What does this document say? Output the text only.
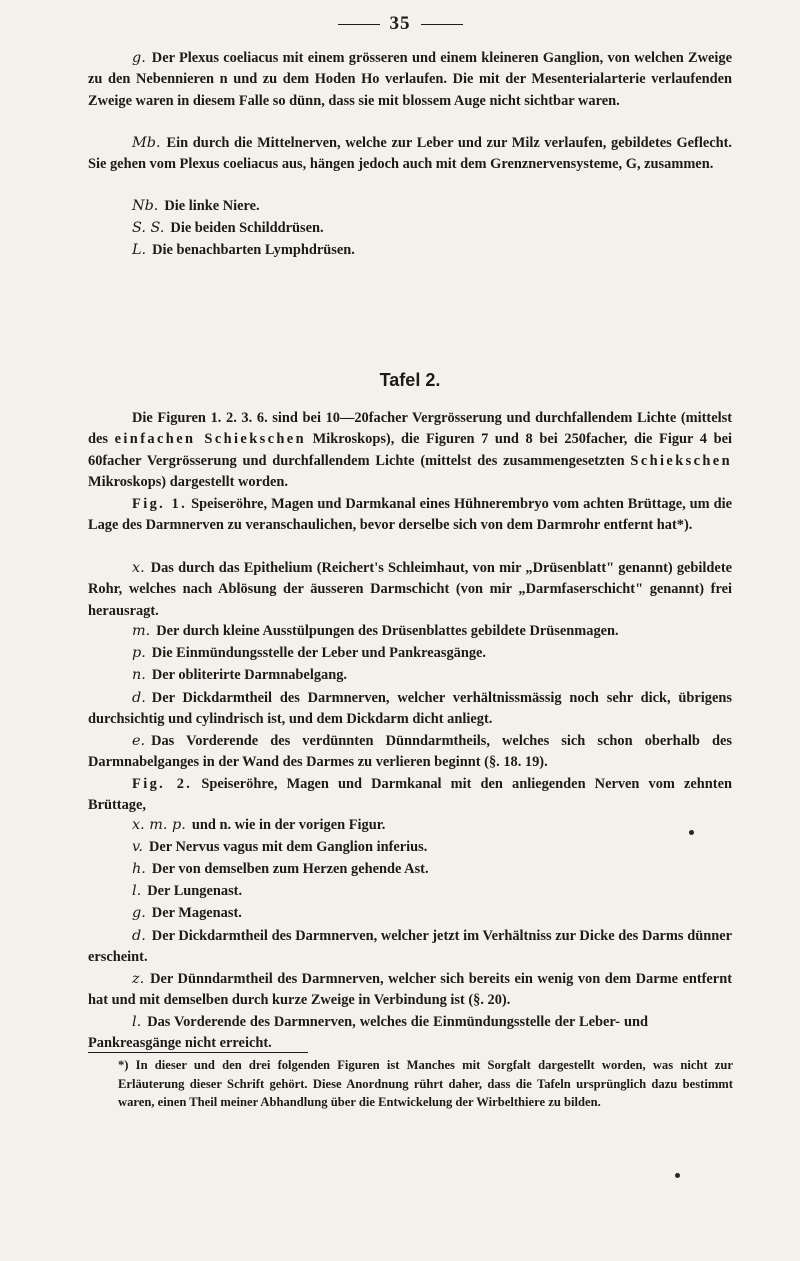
35
g. Der Plexus coeliacus mit einem grösseren und einem kleineren Ganglion, von welchen Zweige zu den Nebennieren n und zu dem Hoden Ho verlaufen. Die mit der Mesenterialarterie verlaufenden Zweige waren in diesem Falle so dünn, dass sie mit blossem Auge nicht sichtbar waren.
Mb. Ein durch die Mittelnerven, welche zur Leber und zur Milz verlaufen, gebildetes Geflecht. Sie gehen vom Plexus coeliacus aus, hängen jedoch auch mit dem Grenznervensysteme, G, zusammen.
Nb. Die linke Niere.
S. S. Die beiden Schilddrüsen.
L. Die benachbarten Lymphdrüsen.
Tafel 2.
Die Figuren 1. 2. 3. 6. sind bei 10—20facher Vergrösserung und durchfallendem Lichte (mittelst des einfachen Schiekschen Mikroskops), die Figuren 7 und 8 bei 250facher, die Figur 4 bei 60facher Vergrösserung und durchfallendem Lichte (mittelst des zusammengesetzten Schiekschen Mikroskops) dargestellt worden.
Fig. 1. Speiseröhre, Magen und Darmkanal eines Hühnerembryo vom achten Brüttage, um die Lage des Darmnerven zu veranschaulichen, bevor derselbe sich von dem Darmrohr entfernt hat*).
x. Das durch das Epithelium (Reichert's Schleimhaut, von mir „Drüsenblatt" genannt) gebildete Rohr, welches nach Ablösung der äusseren Darmschicht (von mir „Darmfaserschicht" genannt) frei herausragt.
m. Der durch kleine Ausstülpungen des Drüsenblattes gebildete Drüsenmagen.
p. Die Einmündungsstelle der Leber und Pankreasgänge.
n. Der obliterirte Darmnabelgang.
d. Der Dickdarmtheil des Darmnerven, welcher verhältnissmässig noch sehr dick, übrigens durchsichtig und cylindrisch ist, und dem Dickdarm dicht anliegt.
e. Das Vorderende des verdünnten Dünndarmtheils, welches sich schon oberhalb des Darmnabelganges in der Wand des Darmes zu verlieren beginnt (§. 18. 19).
Fig. 2. Speiseröhre, Magen und Darmkanal mit den anliegenden Nerven vom zehnten Brüttage,
x. m. p. und n. wie in der vorigen Figur.
v. Der Nervus vagus mit dem Ganglion inferius.
h. Der von demselben zum Herzen gehende Ast.
l. Der Lungenast.
g. Der Magenast.
d. Der Dickdarmtheil des Darmnerven, welcher jetzt im Verhältniss zur Dicke des Darms dünner erscheint.
z. Der Dünndarmtheil des Darmnerven, welcher sich bereits ein wenig von dem Darme entfernt hat und mit demselben durch kurze Zweige in Verbindung ist (§. 20).
l. Das Vorderende des Darmnerven, welches die Einmündungsstelle der Leber- und Pankreasgänge nicht erreicht.
*) In dieser und den drei folgenden Figuren ist Manches mit Sorgfalt dargestellt worden, was nicht zur Erläuterung dieser Schrift gehört. Diese Anordnung rührt daher, dass die Tafeln ursprünglich dazu bestimmt waren, einen Theil meiner Abhandlung über die Entwickelung der Wirbelthiere zu bilden.
